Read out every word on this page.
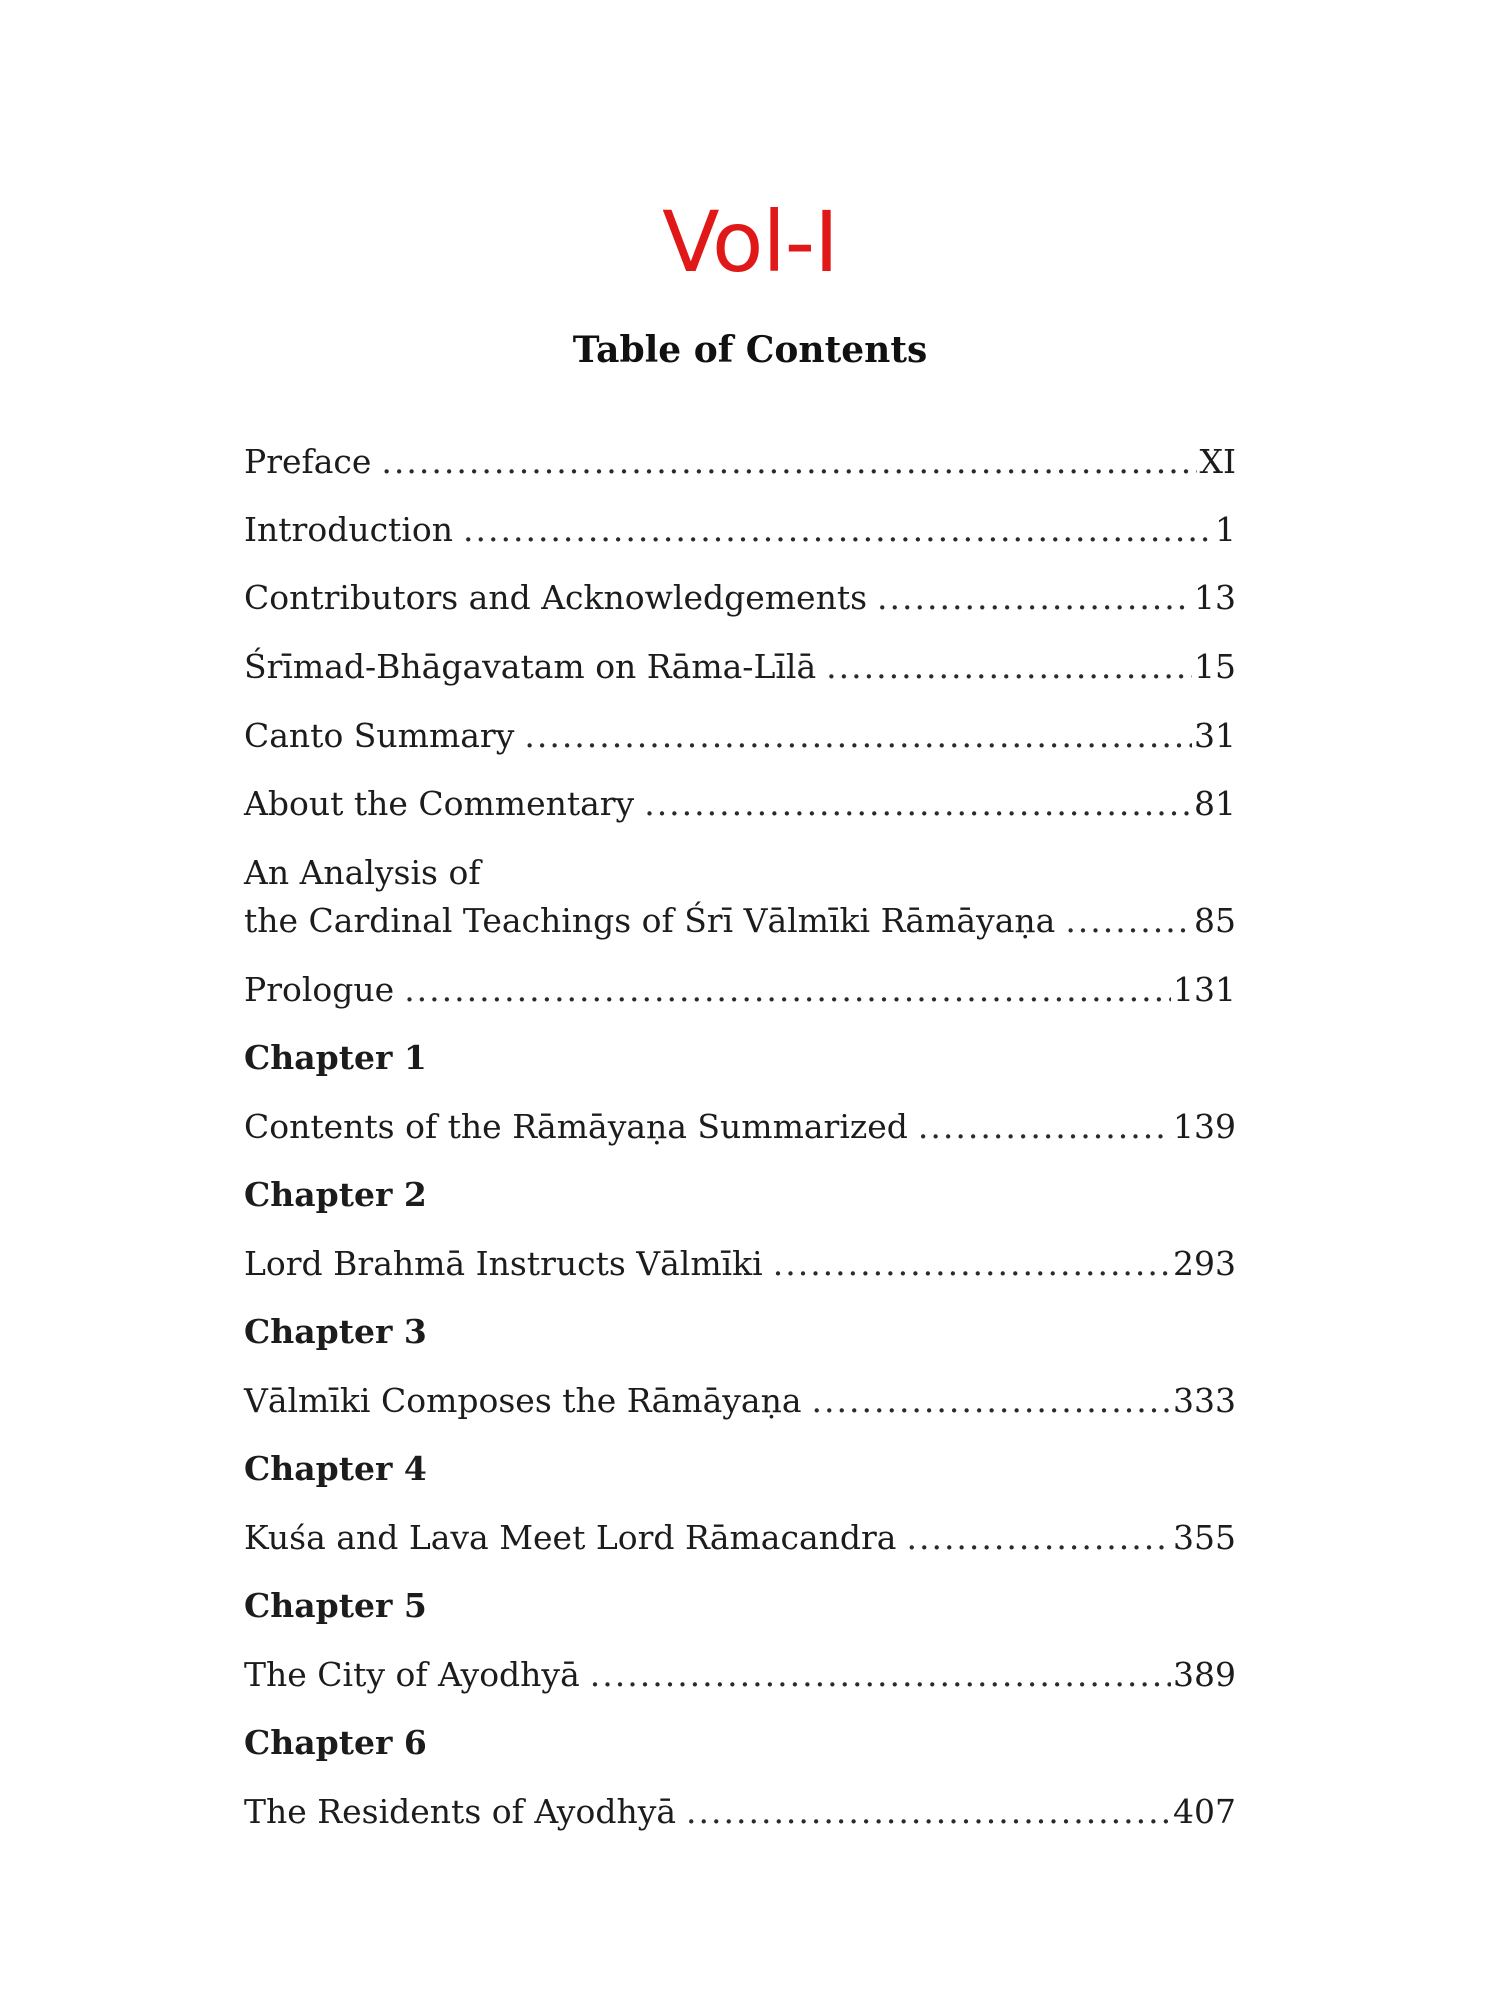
Vol-I
Table of Contents
Preface .....	XI
Introduction .....	1
Contributors and Acknowledgements .....	13
Śrīmad-Bhāgavatam on Rāma-Līlā .....	15
Canto Summary .....	31
About the Commentary .....	81
An Analysis of
the Cardinal Teachings of Śrī Vālmīki Rāmāyaṇa .....	85
Prologue .....	131
Chapter 1
Contents of the Rāmāyaṇa Summarized .....	139
Chapter 2
Lord Brahmā Instructs Vālmīki .....	293
Chapter 3
Vālmīki Composes the Rāmāyaṇa .....	333
Chapter 4
Kuśa and Lava Meet Lord Rāmacandra .....	355
Chapter 5
The City of Ayodhyā .....	389
Chapter 6
The Residents of Ayodhyā .....	407
